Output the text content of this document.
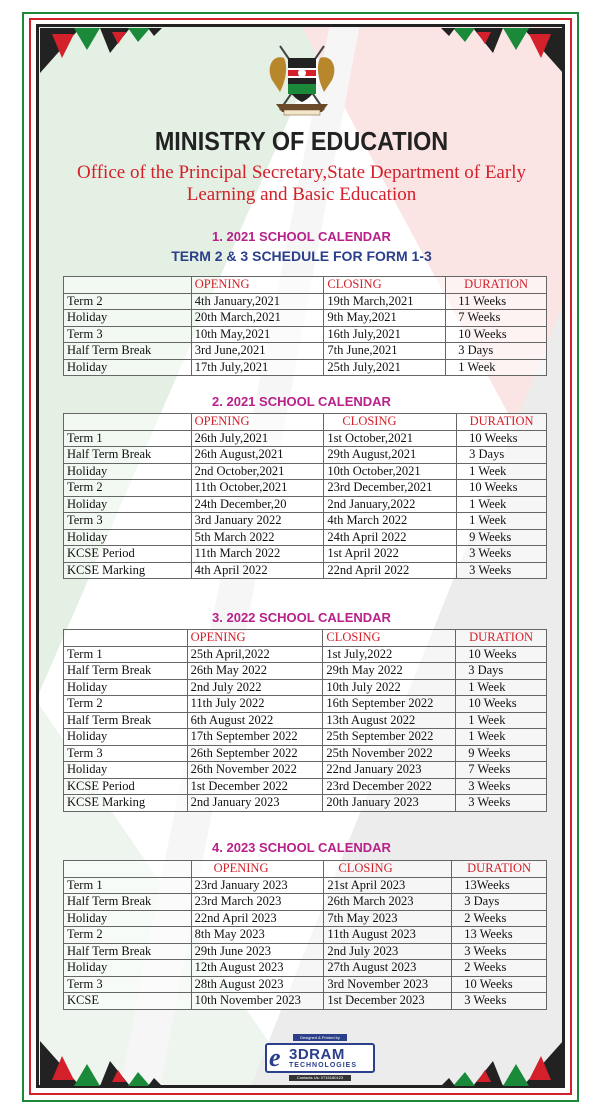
MINISTRY OF EDUCATION
Office of the Principal Secretary,State Department of Early
Learning and Basic Education
1. 2021 SCHOOL CALENDAR
TERM 2 & 3 SCHEDULE FOR FORM 1-3
	OPENING	CLOSING	DURATION
Term 2	4th January,2021	19th March,2021	11 Weeks
Holiday	20th March,2021	9th May,2021	7 Weeks
Term 3	10th May,2021	16th July,2021	10 Weeks
Half Term Break	3rd June,2021	7th June,2021	3 Days
Holiday	17th July,2021	25th July,2021	1 Week
2. 2021 SCHOOL CALENDAR
	OPENING	CLOSING	DURATION
Term 1	26th July,2021	1st October,2021	10 Weeks
Half Term Break	26th August,2021	29th August,2021	3 Days
Holiday	2nd October,2021	10th October,2021	1 Week
Term 2	11th October,2021	23rd December,2021	10 Weeks
Holiday	24th December,20	2nd January,2022	1 Week
Term 3	3rd January 2022	4th March 2022	1 Week
Holiday	5th March 2022	24th April 2022	9 Weeks
KCSE Period	11th March 2022	1st April 2022	3 Weeks
KCSE Marking	4th April 2022	22nd April 2022	3 Weeks
3. 2022 SCHOOL CALENDAR
	OPENING	CLOSING	DURATION
Term 1	25th April,2022	1st July,2022	10 Weeks
Half Term Break	26th May 2022	29th May 2022	3 Days
Holiday	2nd July 2022	10th July 2022	1 Week
Term 2	11th July 2022	16th September 2022	10 Weeks
Half Term Break	6th August 2022	13th August 2022	1 Week
Holiday	17th September 2022	25th September 2022	1 Week
Term 3	26th September 2022	25th November 2022	9 Weeks
Holiday	26th November 2022	22nd January 2023	7 Weeks
KCSE Period	1st December 2022	23rd December 2022	3 Weeks
KCSE Marking	2nd January 2023	20th January 2023	3 Weeks
4. 2023 SCHOOL CALENDAR
	OPENING	CLOSING	DURATION
Term 1	23rd January 2023	21st April 2023	13Weeks
Half Term Break	23rd March 2023	26th March 2023	3 Days
Holiday	22nd April 2023	7th May 2023	2 Weeks
Term 2	8th May 2023	11th August 2023	13 Weeks
Half Term Break	29th June 2023	2nd July 2023	3 Weeks
Holiday	12th August 2023	27th August 2023	2 Weeks
Term 3	28th August 2023	3rd November 2023	10 Weeks
KCSE	10th November 2023	1st December 2023	3 Weeks
Designed & Printed by
e 3DRAM
TECHNOLOGIES
Contacts Us: 0715180123
